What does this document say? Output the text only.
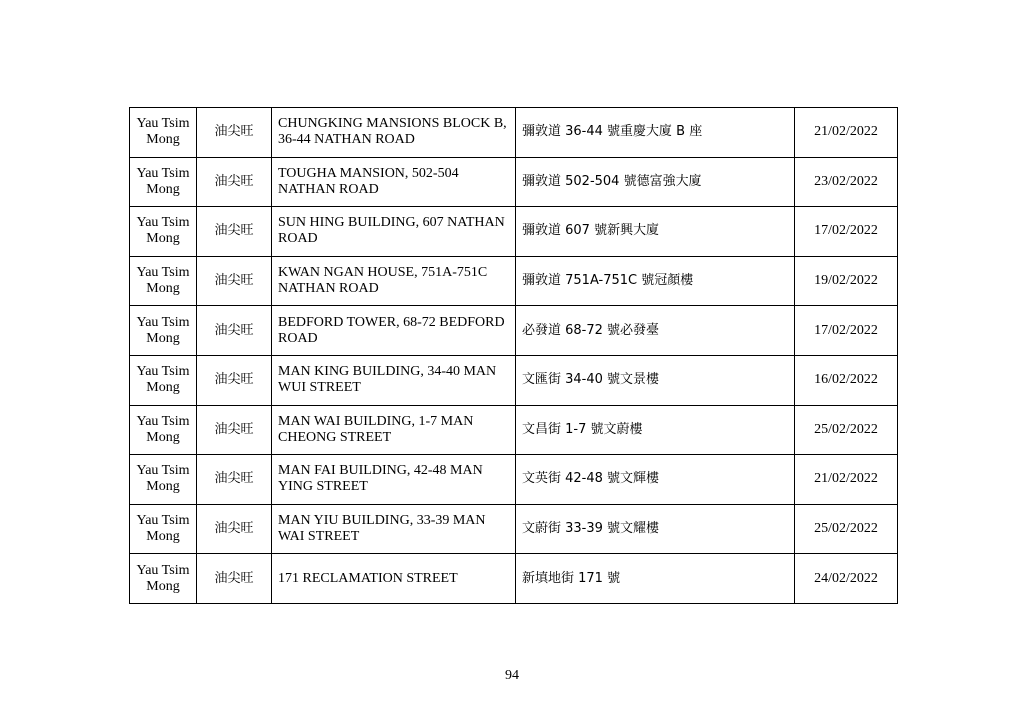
Yau Tsim Mong	油尖旺	CHUNGKING MANSIONS BLOCK B, 36-44 NATHAN ROAD	彌敦道 36-44 號重慶大廈 B 座	21/02/2022
Yau Tsim Mong	油尖旺	TOUGHA MANSION, 502-504 NATHAN ROAD	彌敦道 502-504 號德富強大廈	23/02/2022
Yau Tsim Mong	油尖旺	SUN HING BUILDING, 607 NATHAN ROAD	彌敦道 607 號新興大廈	17/02/2022
Yau Tsim Mong	油尖旺	KWAN NGAN HOUSE, 751A-751C NATHAN ROAD	彌敦道 751A-751C 號冠顏樓	19/02/2022
Yau Tsim Mong	油尖旺	BEDFORD TOWER, 68-72 BEDFORD ROAD	必發道 68-72 號必發臺	17/02/2022
Yau Tsim Mong	油尖旺	MAN KING BUILDING, 34-40 MAN WUI STREET	文匯街 34-40 號文景樓	16/02/2022
Yau Tsim Mong	油尖旺	MAN WAI BUILDING, 1-7 MAN CHEONG STREET	文昌街 1-7 號文蔚樓	25/02/2022
Yau Tsim Mong	油尖旺	MAN FAI BUILDING, 42-48 MAN YING STREET	文英街 42-48 號文輝樓	21/02/2022
Yau Tsim Mong	油尖旺	MAN YIU BUILDING, 33-39 MAN WAI STREET	文蔚街 33-39 號文耀樓	25/02/2022
Yau Tsim Mong	油尖旺	171 RECLAMATION STREET	新填地街 171 號	24/02/2022
94
